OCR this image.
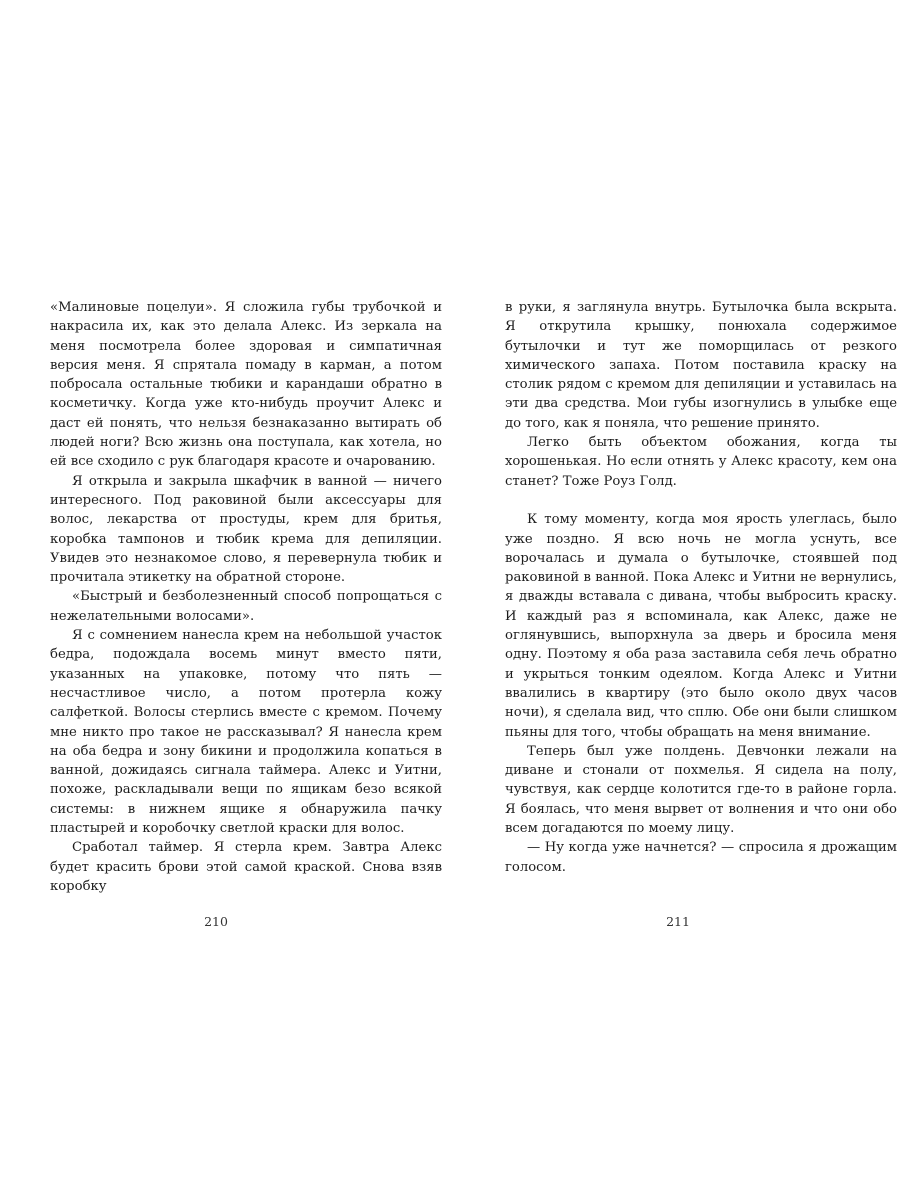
«Малиновые поцелуи». Я сложила губы трубочкой и накрасила их, как это делала Алекс. Из зеркала на меня посмотрела более здоровая и симпатичная версия меня. Я спрятала помаду в карман, а потом побросала остальные тюбики и карандаши обратно в косметичку. Когда уже кто-нибудь проучит Алекс и даст ей понять, что нельзя безнаказанно вытирать об людей ноги? Всю жизнь она поступала, как хотела, но ей все сходило с рук благодаря красоте и очарованию.

Я открыла и закрыла шкафчик в ванной — ничего интересного. Под раковиной были аксессуары для волос, лекарства от простуды, крем для бритья, коробка тампонов и тюбик крема для депиляции. Увидев это незнакомое слово, я перевернула тюбик и прочитала этикетку на обратной стороне.

«Быстрый и безболезненный способ попрощаться с нежелательными волосами».

Я с сомнением нанесла крем на небольшой участок бедра, подождала восемь минут вместо пяти, указанных на упаковке, потому что пять — несчастливое число, а потом протерла кожу салфеткой. Волосы стерлись вместе с кремом. Почему мне никто про такое не рассказывал? Я нанесла крем на оба бедра и зону бикини и продолжила копаться в ванной, дожидаясь сигнала таймера. Алекс и Уитни, похоже, раскладывали вещи по ящикам безо всякой системы: в нижнем ящике я обнаружила пачку пластырей и коробочку светлой краски для волос.

Сработал таймер. Я стерла крем. Завтра Алекс будет красить брови этой самой краской. Снова взяв коробку

210

в руки, я заглянула внутрь. Бутылочка была вскрыта. Я открутила крышку, понюхала содержимое бутылочки и тут же поморщилась от резкого химического запаха. Потом поставила краску на столик рядом с кремом для депиляции и уставилась на эти два средства. Мои губы изогнулись в улыбке еще до того, как я поняла, что решение принято.

Легко быть объектом обожания, когда ты хорошенькая. Но если отнять у Алекс красоту, кем она станет? Тоже Роуз Голд.

К тому моменту, когда моя ярость улеглась, было уже поздно. Я всю ночь не могла уснуть, все ворочалась и думала о бутылочке, стоявшей под раковиной в ванной. Пока Алекс и Уитни не вернулись, я дважды вставала с дивана, чтобы выбросить краску. И каждый раз я вспоминала, как Алекс, даже не оглянувшись, выпорхнула за дверь и бросила меня одну. Поэтому я оба раза заставила себя лечь обратно и укрыться тонким одеялом. Когда Алекс и Уитни ввалились в квартиру (это было около двух часов ночи), я сделала вид, что сплю. Обе они были слишком пьяны для того, чтобы обращать на меня внимание.

Теперь был уже полдень. Девчонки лежали на диване и стонали от похмелья. Я сидела на полу, чувствуя, как сердце колотится где-то в районе горла. Я боялась, что меня вырвет от волнения и что они обо всем догадаются по моему лицу.

— Ну когда уже начнется? — спросила я дрожащим голосом.

211
